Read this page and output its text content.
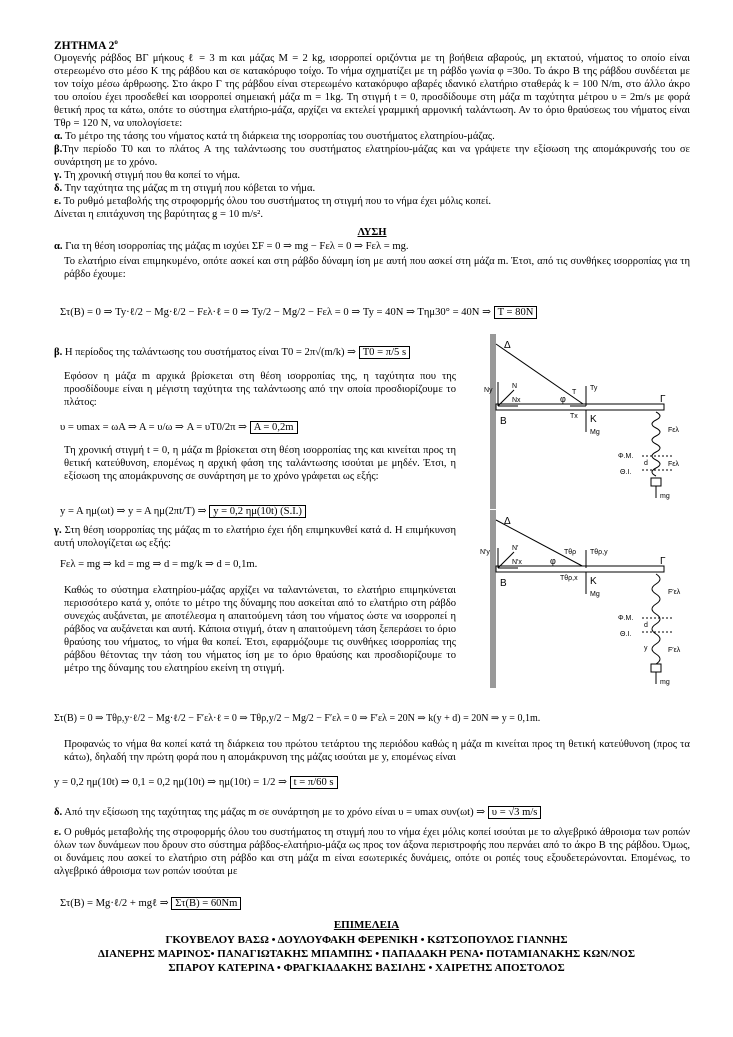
ΖΗΤΗΜΑ $2^o$
Ομογενής ράβδος ΒΓ μήκους ℓ = 3 m και μάζας M = 2 kg, ισορροπεί οριζόντια με τη βοήθεια αβαρούς, μη εκτατού, νήματος το οποίο είναι στερεωμένο στο μέσο Κ της ράβδου και σε κατακόρυφο τοίχο. Το νήμα σχηματίζει με τη ράβδο γωνία φ =30ο. Το άκρο Β της ράβδου συνδέεται με τον τοίχο μέσω άρθρωσης. Στο άκρο Γ της ράβδου είναι στερεωμένο κατακόρυφο αβαρές ιδανικό ελατήριο σταθεράς k = 100 N/m, στο άλλο άκρο του οποίου έχει προσδεθεί και ισορροπεί σημειακή μάζα m = 1kg. Τη στιγμή t = 0, προσδίδουμε στη μάζα m ταχύτητα μέτρου υ = 2m/s με φορά θετική προς τα κάτω, οπότε το σύστημα ελατήριο-μάζα, αρχίζει να εκτελεί γραμμική αρμονική ταλάντωση. Αν το όριο θραύσεως του νήματος είναι Tθρ = 120 N, να υπολογίσετε:
α. Το μέτρο της τάσης του νήματος κατά τη διάρκεια της ισορροπίας του συστήματος ελατηρίου-μάζας.
β.Την περίοδο T0 και το πλάτος A της ταλάντωσης του συστήματος ελατηρίου-μάζας και να γράψετε την εξίσωση της απομάκρυνσής του σε συνάρτηση με το χρόνο.
γ. Τη χρονική στιγμή που θα κοπεί το νήμα.
δ. Την ταχύτητα της μάζας m τη στιγμή που κόβεται το νήμα.
ε. Το ρυθμό μεταβολής της στροφορμής όλου του συστήματος τη στιγμή που το νήμα έχει μόλις κοπεί.
Δίνεται η επιτάχυνση της βαρύτητας g = 10 m/s².
ΛΥΣΗ
α. Για τη θέση ισορροπίας της μάζας m ισχύει ΣF = 0 ⇒ mg − Fελ = 0 ⇒ Fελ = mg.
Το ελατήριο είναι επιμηκυμένο, οπότε ασκεί και στη ράβδο δύναμη ίση με αυτή που ασκεί στη μάζα m. Έτσι, από τις συνθήκες ισορροπίας για τη ράβδο έχουμε:
Στ(Β) = 0 ⇒ Ty·ℓ/2 − Mg·ℓ/2 − Fελ·ℓ = 0 ⇒ Ty/2 − Mg/2 − Fελ = 0 ⇒ Ty = 40N ⇒ Tημ30° = 40N ⇒ T = 80N
β. Η περίοδος της ταλάντωσης του συστήματος είναι T0 = 2π√(m/k) ⇒ T0 = π/5 s
Εφόσον η μάζα m αρχικά βρίσκεται στη θέση ισορροπίας της, η ταχύτητα που της προσδίδουμε είναι η μέγιστη ταχύτητα της ταλάντωσης από την οποία προσδιορίζουμε το πλάτος:
υ = υmax = ωA ⇒ A = υ/ω ⇒ A = υT0/2π ⇒ A = 0,2m
Τη χρονική στιγμή t = 0, η μάζα m βρίσκεται στη θέση ισορροπίας της και κινείται προς τη θετική κατεύθυνση, επομένως η αρχική φάση της ταλάντωσης ισούται με μηδέν. Έτσι, η εξίσωση της απομάκρυνσης σε συνάρτηση με το χρόνο γράφεται ως εξής:
y = A ημ(ωt) ⇒ y = A ημ(2πt/T) ⇒ y = 0,2 ημ(10t) (S.I.)
γ. Στη θέση ισορροπίας της μάζας m το ελατήριο έχει ήδη επιμηκυνθεί κατά d. Η επιμήκυνση αυτή υπολογίζεται ως εξής:
Fελ = mg ⇒ kd = mg ⇒ d = mg/k ⇒ d = 0,1m.
Καθώς το σύστημα ελατηρίου-μάζας αρχίζει να ταλαντώνεται, το ελατήριο επιμηκύνεται περισσότερο κατά y, οπότε το μέτρο της δύναμης που ασκείται από το ελατήριο στη ράβδο συνεχώς αυξάνεται, με αποτέλεσμα η απαιτούμενη τάση του νήματος ώστε να ισορροπεί η ράβδος να αυξάνεται και αυτή. Κάποια στιγμή, όταν η απαιτούμενη τάση ξεπεράσει το όριο θραύσης του νήματος, το νήμα θα κοπεί. Έτσι, εφαρμόζουμε τις συνθήκες ισορροπίας της ράβδου θέτοντας την τάση του νήματος ίση με το όριο θραύσης και προσδιορίζουμε το μέτρο της δύναμης του ελατηρίου εκείνη τη στιγμή.
Στ(Β) = 0 ⇒ Tθρ,y·ℓ/2 − Mg·ℓ/2 − F′ελ·ℓ = 0 ⇒ Tθρ,y/2 − Mg/2 − F′ελ = 0 ⇒ F′ελ = 20N ⇒ k(y + d) = 20N ⇒ y = 0,1m.
Προφανώς το νήμα θα κοπεί κατά τη διάρκεια του πρώτου τετάρτου της περιόδου καθώς η μάζα m κινείται προς τη θετική κατεύθυνση (προς τα κάτω), δηλαδή την πρώτη φορά που η απομάκρυνση της μάζας ισούται με y, επομένως είναι
y = 0,2 ημ(10t) ⇒ 0,1 = 0,2 ημ(10t) ⇒ ημ(10t) = 1/2 ⇒ t = π/60 s
δ. Από την εξίσωση της ταχύτητας της μάζας m σε συνάρτηση με το χρόνο είναι υ = υmax συν(ωt) ⇒ υ = √3 m/s
ε. Ο ρυθμός μεταβολής της στροφορμής όλου του συστήματος τη στιγμή που το νήμα έχει μόλις κοπεί ισούται με το αλγεβρικό άθροισμα των ροπών όλων των δυνάμεων που δρουν στο σύστημα ράβδος-ελατήριο-μάζα ως προς τον άξονα περιστροφής που περνάει από το άκρο Β της ράβδου. Όμως, οι δυνάμεις που ασκεί το ελατήριο στη ράβδο και στη μάζα m είναι εσωτερικές δυνάμεις, οπότε οι ροπές τους εξουδετερώνονται. Επομένως, το αλγεβρικό άθροισμα των ροπών ισούται με
Στ(Β) = Mg·ℓ/2 + mgℓ ⇒ Στ(Β) = 60Nm
ΕΠΙΜΕΛΕΙΑ
ΓΚΟΥΒΕΛΟΥ ΒΑΣΩ • ΔΟΥΛΟΥΦΑΚΗ ΦΕΡΕΝΙΚΗ • ΚΩΤΣΟΠΟΥΛΟΣ ΓΙΑΝΝΗΣ
ΔΙΑΝΕΡΗΣ ΜΑΡΙΝΟΣ• ΠΑΝΑΓΙΩΤΑΚΗΣ ΜΠΑΜΠΗΣ • ΠΑΠΑΔΑΚΗ ΡΕΝΑ• ΠΟΤΑΜΙΑΝΑΚΗΣ ΚΩΝ/ΝΟΣ
ΣΠΑΡΟΥ ΚΑΤΕΡΙΝΑ • ΦΡΑΓΚΙΑΔΑΚΗΣ ΒΑΣΙΛΗΣ • ΧΑΙΡΕΤΗΣ ΑΠΟΣΤΟΛΟΣ
Δ
Β
Γ
Κ
N
Ny
Nx
T
Ty
Tx
φ
Mg	Fελ
Fελ
Φ.Μ.
d
Θ.Ι.
mg
Δ
Β
Γ
Κ
N′
N′y
N′x
Tθρ Tθρ,y
Tθρ,x
φ
Mg	F′ελ
F′ελ
Φ.Μ.
d
Θ.Ι.
y
mg
